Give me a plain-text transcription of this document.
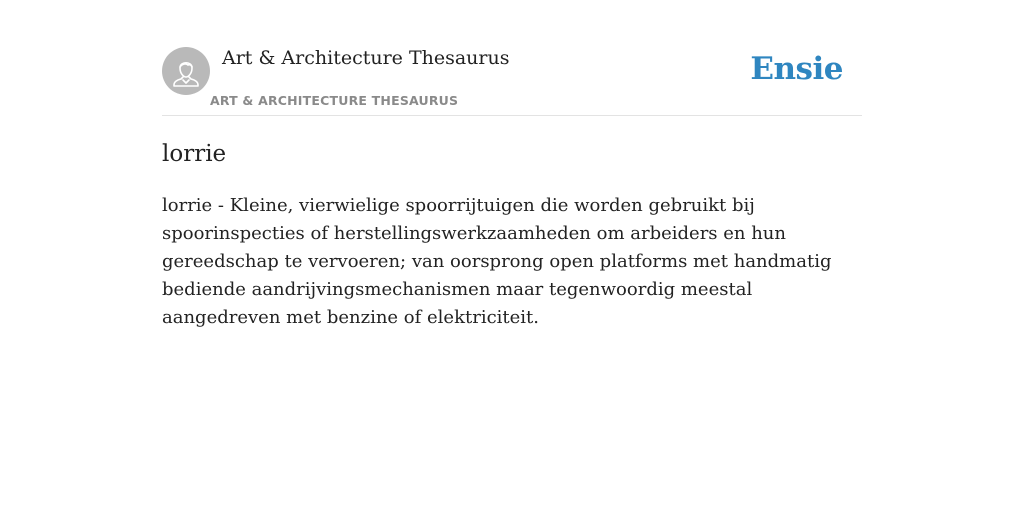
Art & Architecture Thesaurus
ART & ARCHITECTURE THESAURUS
Ensie
lorrie

lorrie - Kleine, vierwielige spoorrijtuigen die worden gebruikt bij spoorinspecties of herstellingswerkzaamheden om arbeiders en hun gereedschap te vervoeren; van oorsprong open platforms met handmatig bediende aandrijvingsmechanismen maar tegenwoordig meestal aangedreven met benzine of elektriciteit.
